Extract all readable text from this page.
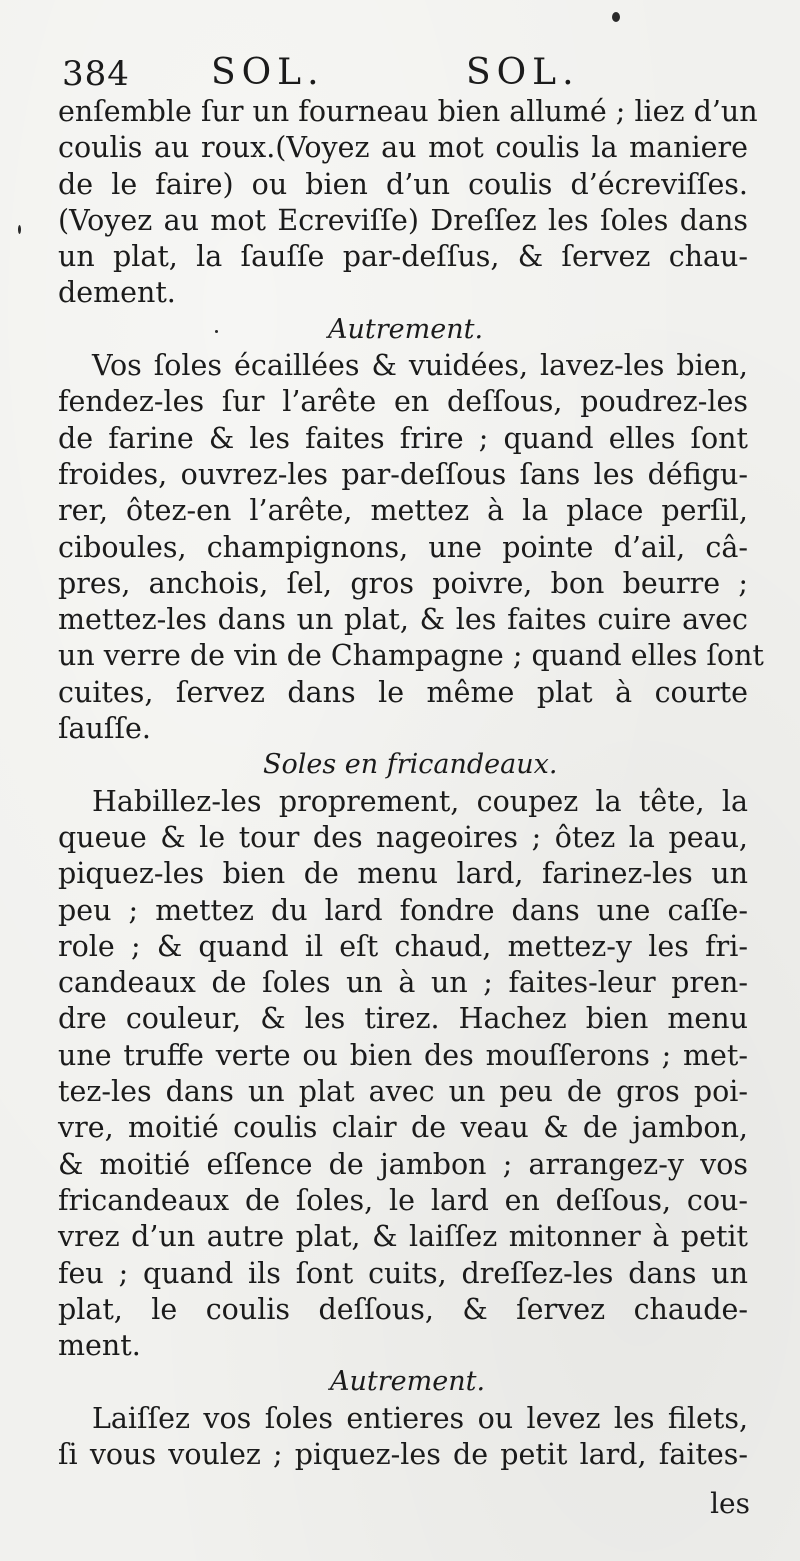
384 SOL.	SOL.
enſemble ſur un fourneau bien allumé ; liez d’un
coulis au roux.(Voyez au mot coulis la maniere
de le faire) ou bien d’un coulis d’écreviſſes.
(Voyez au mot Ecreviſſe) Dreſſez les ſoles dans
un plat, la ſauſſe par-deſſus, & ſervez chau-
dement.
Autrement.
Vos ſoles écaillées & vuidées, lavez-les bien,
fendez-les ſur l’arête en deſſous, poudrez-les
de farine & les faites frire ; quand elles ſont
froides, ouvrez-les par-deſſous ſans les défigu-
rer, ôtez-en l’arête, mettez à la place perſil,
ciboules, champignons, une pointe d’ail, câ-
pres, anchois, ſel, gros poivre, bon beurre ;
mettez-les dans un plat, & les faites cuire avec
un verre de vin de Champagne ; quand elles ſont
cuites, ſervez dans le même plat à courte
ſauſſe.
Soles en fricandeaux.
Habillez-les proprement, coupez la tête, la
queue & le tour des nageoires ; ôtez la peau,
piquez-les bien de menu lard, farinez-les un
peu ; mettez du lard fondre dans une caſſe-
role ; & quand il eſt chaud, mettez-y les fri-
candeaux de ſoles un à un ; faites-leur pren-
dre couleur, & les tirez. Hachez bien menu
une truffe verte ou bien des mouſſerons ; met-
tez-les dans un plat avec un peu de gros poi-
vre, moitié coulis clair de veau & de jambon,
& moitié eſſence de jambon ; arrangez-y vos
fricandeaux de ſoles, le lard en deſſous, cou-
vrez d’un autre plat, & laiſſez mitonner à petit
feu ; quand ils ſont cuits, dreſſez-les dans un
plat, le coulis deſſous, & ſervez chaude-
ment.
Autrement.
Laiſſez vos ſoles entieres ou levez les filets,
ſi vous voulez ; piquez-les de petit lard, faites-
les
